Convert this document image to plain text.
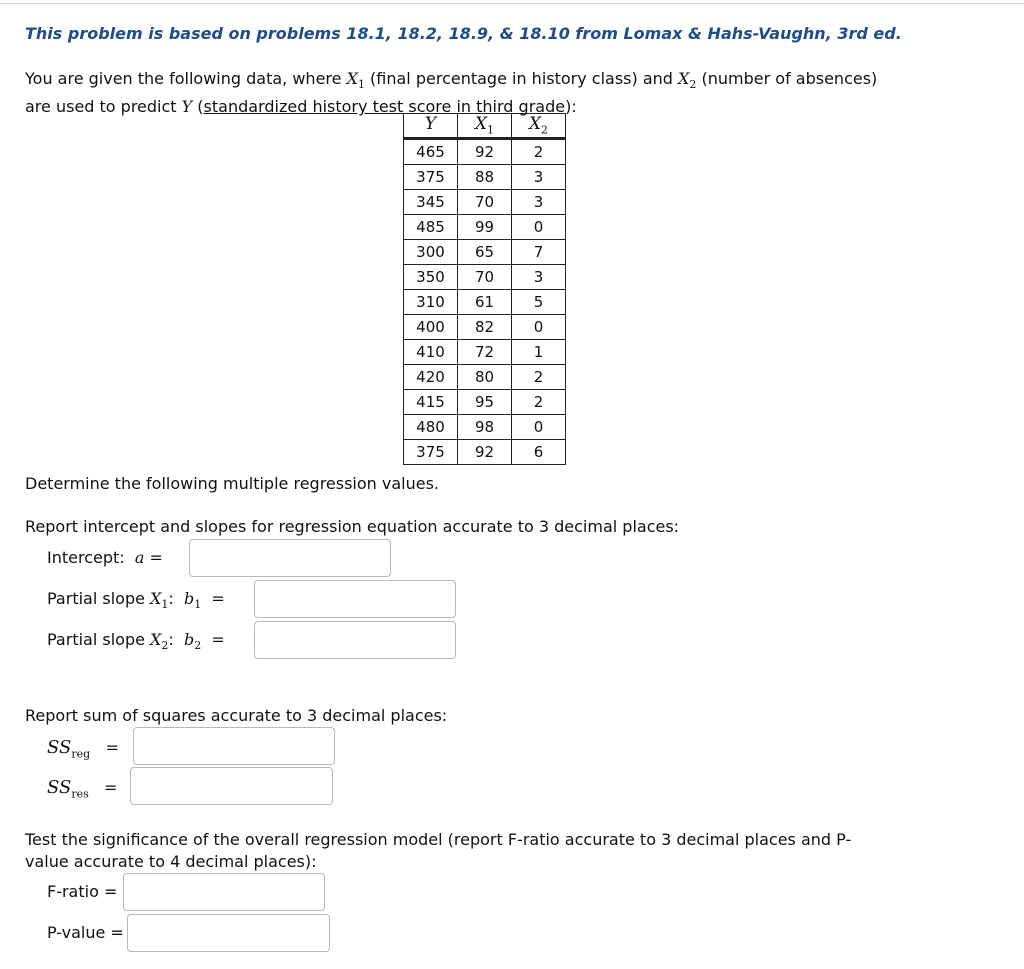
This problem is based on problems 18.1, 18.2, 18.9, & 18.10 from Lomax & Hahs-Vaughn, 3rd ed.
You are given the following data, where $X_1$ (final percentage in history class) and $X_2$ (number of absences) are used to predict Y (standardized history test score in third grade):
Y	$X_1$	$X_2$
465	92	2
375	88	3
345	70	3
485	99	0
300	65	7
350	70	3
310	61	5
400	82	0
410	72	1
420	80	2
415	95	2
480	98	0
375	92	6
Determine the following multiple regression values.
Report intercept and slopes for regression equation accurate to 3 decimal places:
Intercept: a =
Partial slope $X_1$:  $b_1$ =
Partial slope $X_2$:  $b_2$ =
Report sum of squares accurate to 3 decimal places:
$SS_{reg}$ =
$SS_{res}$ =
Test the significance of the overall regression model (report F-ratio accurate to 3 decimal places and P-
value accurate to 4 decimal places):
F-ratio =
P-value =
